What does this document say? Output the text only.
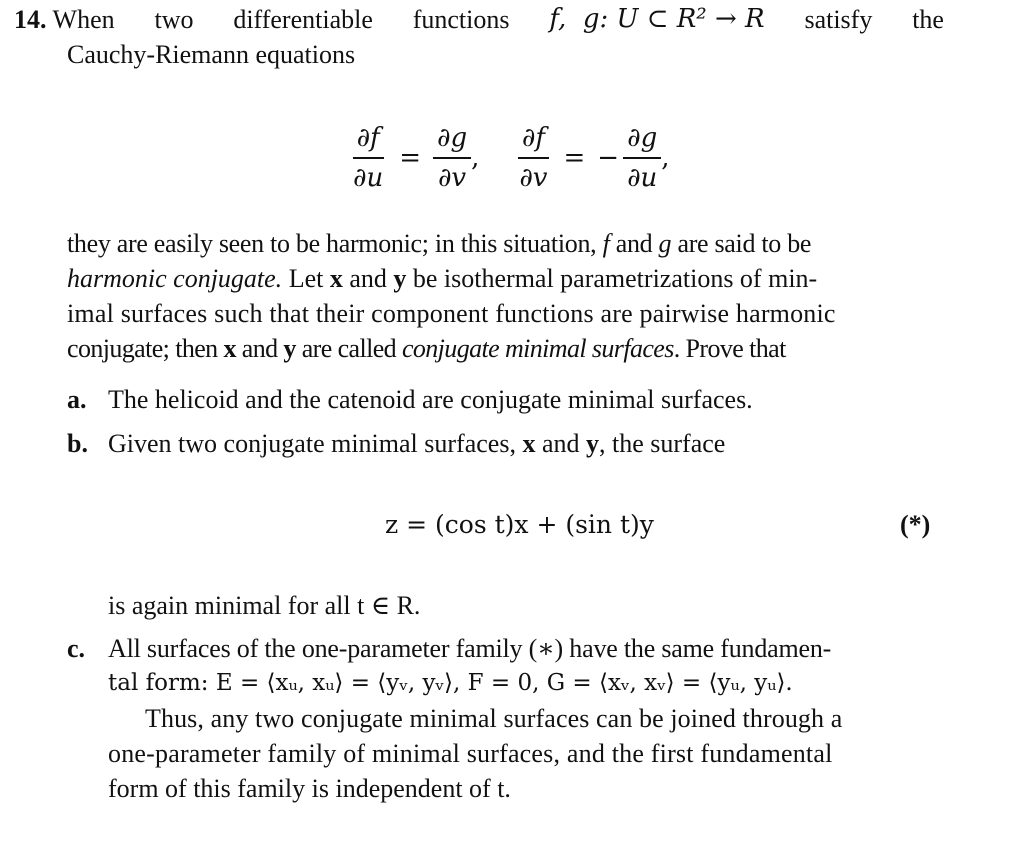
14. When two differentiable functions f,  g: U ⊂ R² → R satisfy the
Cauchy-Riemann equations
$\frac{\partial f}{\partial u} = \frac{\partial g}{\partial v}$ , $\frac{\partial f}{\partial v}$ = − $\frac{\partial g}{\partial u}$ ,
they are easily seen to be harmonic; in this situation, f and g are said to be
harmonic conjugate. Let x and y be isothermal parametrizations of min-
imal surfaces such that their component functions are pairwise harmonic
conjugate; then x and y are called conjugate minimal surfaces. Prove that
a. The helicoid and the catenoid are conjugate minimal surfaces.
b. Given two conjugate minimal surfaces, x and y, the surface
z = (cos t)x + (sin t)y	(*)
is again minimal for all t ∈ R.
c. All surfaces of the one-parameter family (∗) have the same fundamen-
tal form: E = ⟨xᵤ, xᵤ⟩ = ⟨yᵥ, yᵥ⟩, F = 0, G = ⟨xᵥ, xᵥ⟩ = ⟨yᵤ, yᵤ⟩.
Thus, any two conjugate minimal surfaces can be joined through a
one-parameter family of minimal surfaces, and the first fundamental
form of this family is independent of t.
